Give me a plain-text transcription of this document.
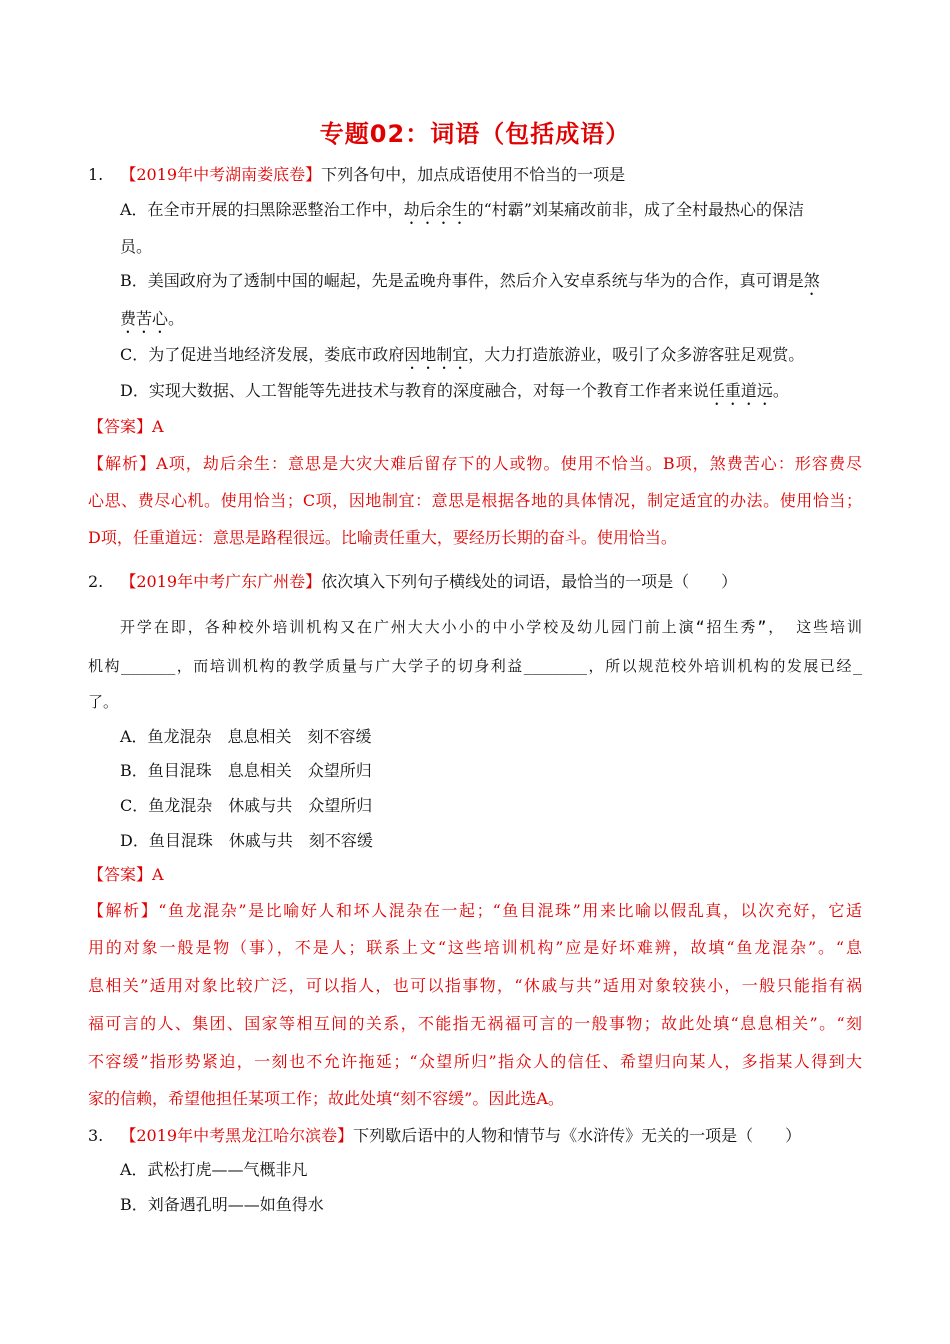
专题02：词语（包括成语）
1. 【2019年中考湖南娄底卷】下列各句中，加点成语使用不恰当的一项是
A．在全市开展的扫黑除恶整治工作中，劫后余生的“村霸”刘某痛改前非，成了全村最热心的保洁
员。
B．美国政府为了透制中国的崛起，先是孟晚舟事件，然后介入安卓系统与华为的合作，真可谓是煞
费苦心。
C．为了促进当地经济发展，娄底市政府因地制宜，大力打造旅游业，吸引了众多游客驻足观赏。
D．实现大数据、人工智能等先进技术与教育的深度融合，对每一个教育工作者来说任重道远。
【答案】A
【解析】A项，劫后余生：意思是大灾大难后留存下的人或物。使用不恰当。B项，煞费苦心：形容费尽
心思、费尽心机。使用恰当；C项，因地制宜：意思是根据各地的具体情况，制定适宜的办法。使用恰当；
D项，任重道远：意思是路程很远。比喻责任重大，要经历长期的奋斗。使用恰当。
2. 【2019年中考广东广州卷】依次填入下列句子横线处的词语，最恰当的一项是（　　）
开学在即，各种校外培训机构又在广州大大小小的中小学校及幼儿园门前上演“招生秀”， 这些培训
机构______，而培训机构的教学质量与广大学子的切身利益_______，所以规范校外培训机构的发展已经_
了。
A．鱼龙混杂　息息相关　刻不容缓
B．鱼目混珠　息息相关　众望所归
C．鱼龙混杂　休戚与共　众望所归
D．鱼目混珠　休戚与共　刻不容缓
【答案】A
【解析】“鱼龙混杂”是比喻好人和坏人混杂在一起；“鱼目混珠”用来比喻以假乱真，以次充好，它适
用的对象一般是物（事），不是人；联系上文“这些培训机构”应是好坏难辨，故填“鱼龙混杂”。“息
息相关”适用对象比较广泛，可以指人，也可以指事物，“休戚与共”适用对象较狭小，一般只能指有祸
福可言的人、集团、国家等相互间的关系，不能指无祸福可言的一般事物；故此处填“息息相关”。“刻
不容缓”指形势紧迫，一刻也不允许拖延；“众望所归”指众人的信任、希望归向某人，多指某人得到大
家的信赖，希望他担任某项工作；故此处填“刻不容缓”。因此选A。
3. 【2019年中考黑龙江哈尔滨卷】下列歇后语中的人物和情节与《水浒传》无关的一项是（　　）
A．武松打虎——气概非凡
B．刘备遇孔明——如鱼得水
